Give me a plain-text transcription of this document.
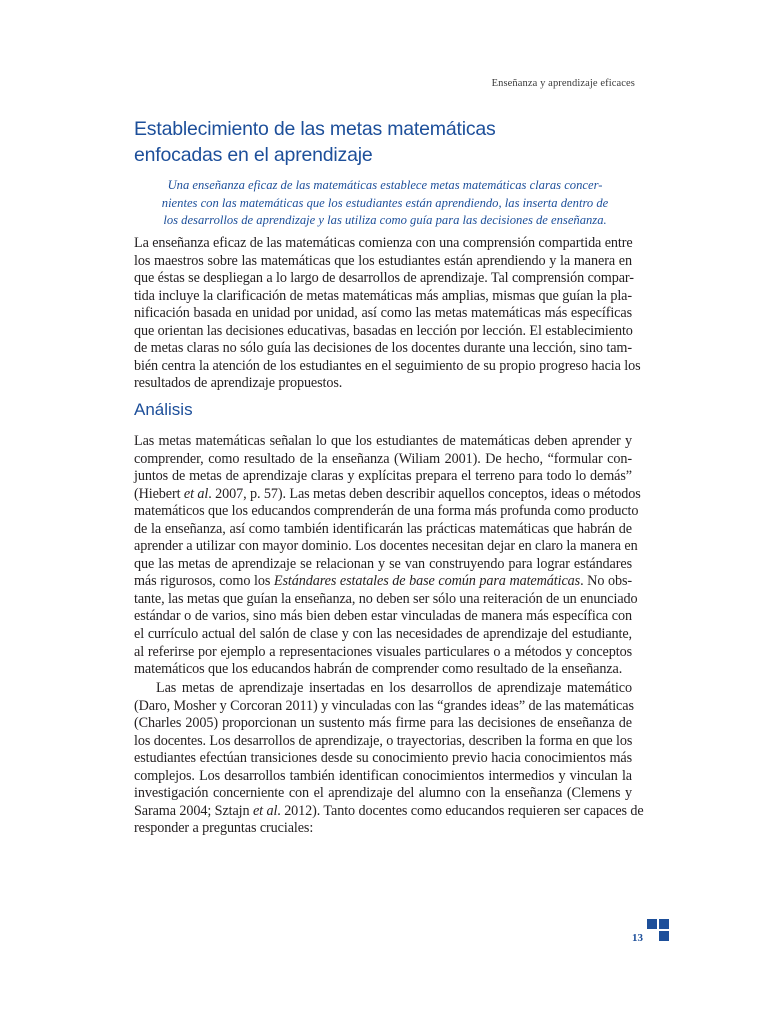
Enseñanza y aprendizaje eficaces
Establecimiento de las metas matemáticas
enfocadas en el aprendizaje

Una enseñanza eficaz de las matemáticas establece metas matemáticas claras concer-
nientes con las matemáticas que los estudiantes están aprendiendo, las inserta dentro de
los desarrollos de aprendizaje y las utiliza como guía para las decisiones de enseñanza.

La enseñanza eficaz de las matemáticas comienza con una comprensión compartida entre
los maestros sobre las matemáticas que los estudiantes están aprendiendo y la manera en
que éstas se despliegan a lo largo de desarrollos de aprendizaje. Tal comprensión compar-
tida incluye la clarificación de metas matemáticas más amplias, mismas que guían la pla-
nificación basada en unidad por unidad, así como las metas matemáticas más específicas
que orientan las decisiones educativas, basadas en lección por lección. El establecimiento
de metas claras no sólo guía las decisiones de los docentes durante una lección, sino tam-
bién centra la atención de los estudiantes en el seguimiento de su propio progreso hacia los
resultados de aprendizaje propuestos.

Análisis

Las metas matemáticas señalan lo que los estudiantes de matemáticas deben aprender y
comprender, como resultado de la enseñanza (Wiliam 2001). De hecho, “formular con-
juntos de metas de aprendizaje claras y explícitas prepara el terreno para todo lo demás”
(Hiebert et al. 2007, p. 57). Las metas deben describir aquellos conceptos, ideas o métodos
matemáticos que los educandos comprenderán de una forma más profunda como producto
de la enseñanza, así como también identificarán las prácticas matemáticas que habrán de
aprender a utilizar con mayor dominio. Los docentes necesitan dejar en claro la manera en
que las metas de aprendizaje se relacionan y se van construyendo para lograr estándares
más rigurosos, como los Estándares estatales de base común para matemáticas. No obs-
tante, las metas que guían la enseñanza, no deben ser sólo una reiteración de un enunciado
estándar o de varios, sino más bien deben estar vinculadas de manera más específica con
el currículo actual del salón de clase y con las necesidades de aprendizaje del estudiante,
al referirse por ejemplo a representaciones visuales particulares o a métodos y conceptos
matemáticos que los educandos habrán de comprender como resultado de la enseñanza.

Las metas de aprendizaje insertadas en los desarrollos de aprendizaje matemático
(Daro, Mosher y Corcoran 2011) y vinculadas con las “grandes ideas” de las matemáticas
(Charles 2005) proporcionan un sustento más firme para las decisiones de enseñanza de
los docentes. Los desarrollos de aprendizaje, o trayectorias, describen la forma en que los
estudiantes efectúan transiciones desde su conocimiento previo hacia conocimientos más
complejos. Los desarrollos también identifican conocimientos intermedios y vinculan la
investigación concerniente con el aprendizaje del alumno con la enseñanza (Clemens y
Sarama 2004; Sztajn et al. 2012). Tanto docentes como educandos requieren ser capaces de
responder a preguntas cruciales:

13
